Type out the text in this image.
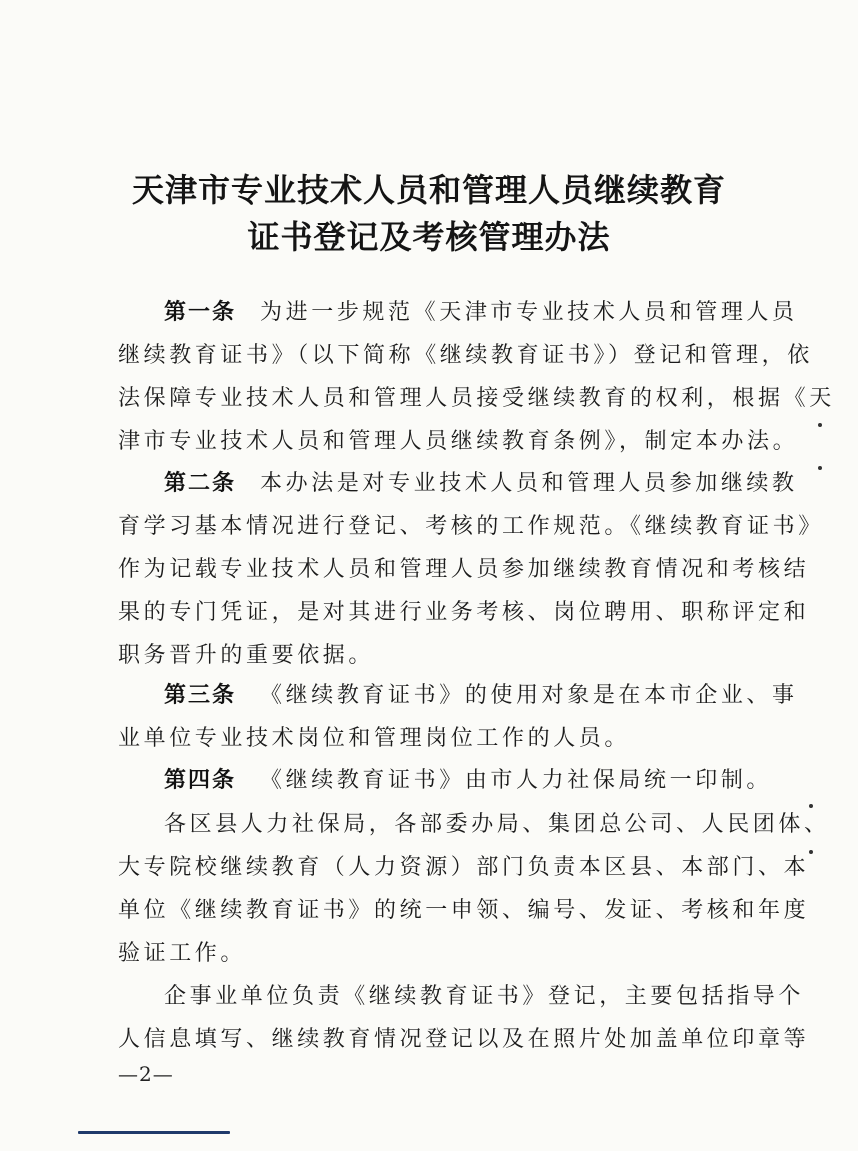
天津市专业技术人员和管理人员继续教育
证书登记及考核管理办法
第一条 为进一步规范《天津市专业技术人员和管理人员
继续教育证书》（以下简称《继续教育证书》）登记和管理，依
法保障专业技术人员和管理人员接受继续教育的权利，根据《天
津市专业技术人员和管理人员继续教育条例》，制定本办法。
第二条 本办法是对专业技术人员和管理人员参加继续教
育学习基本情况进行登记、考核的工作规范。《继续教育证书》
作为记载专业技术人员和管理人员参加继续教育情况和考核结
果的专门凭证，是对其进行业务考核、岗位聘用、职称评定和
职务晋升的重要依据。
第三条 《继续教育证书》的使用对象是在本市企业、事
业单位专业技术岗位和管理岗位工作的人员。
第四条 《继续教育证书》由市人力社保局统一印制。
各区县人力社保局，各部委办局、集团总公司、人民团体、
大专院校继续教育（人力资源）部门负责本区县、本部门、本
单位《继续教育证书》的统一申领、编号、发证、考核和年度
验证工作。
企事业单位负责《继续教育证书》登记，主要包括指导个
人信息填写、继续教育情况登记以及在照片处加盖单位印章等
—2—
